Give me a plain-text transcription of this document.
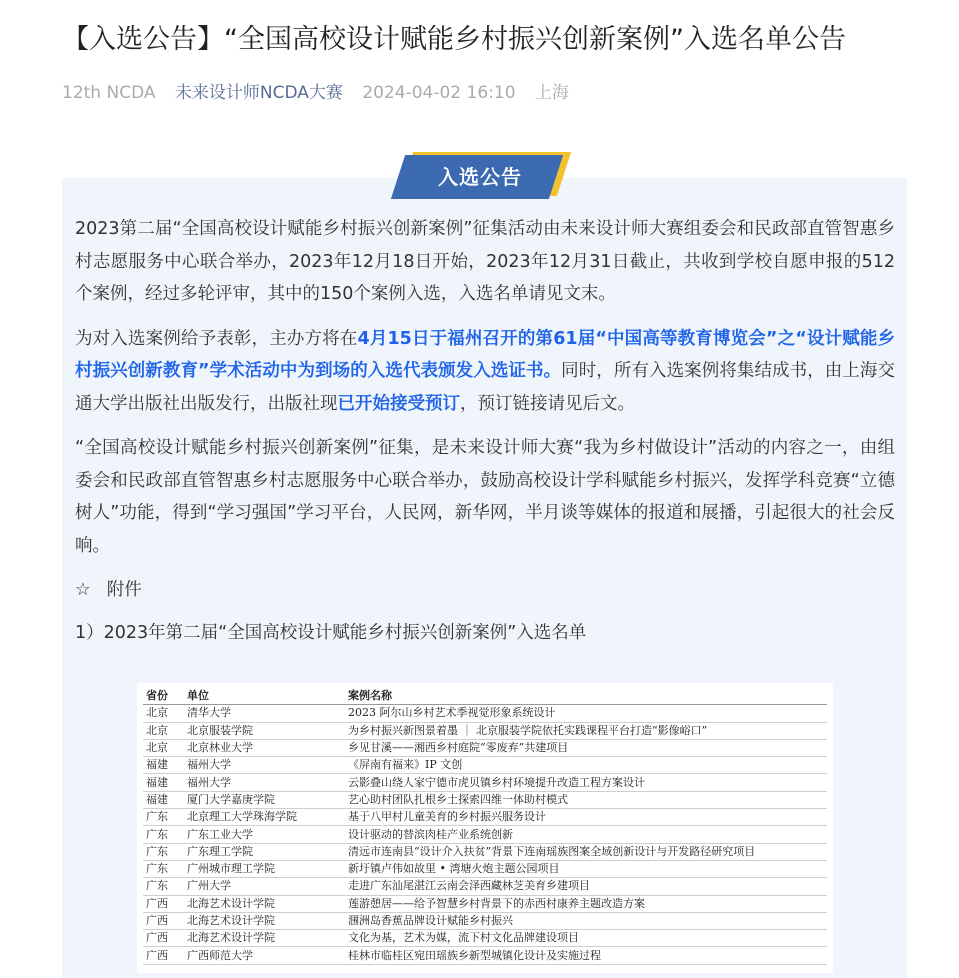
【入选公告】“全国高校设计赋能乡村振兴创新案例”入选名单公告
12th NCDA 未来设计师NCDA大赛 2024-04-02 16:10 上海
入选公告

2023第二届“全国高校设计赋能乡村振兴创新案例”征集活动由未来设计师大赛组委会和民政部直管智惠乡村志愿服务中心联合举办，2023年12月18日开始，2023年12月31日截止，共收到学校自愿申报的512个案例，经过多轮评审，其中的150个案例入选，入选名单请见文末。

为对入选案例给予表彰，主办方将在4月15日于福州召开的第61届“中国高等教育博览会”之“设计赋能乡村振兴创新教育”学术活动中为到场的入选代表颁发入选证书。同时，所有入选案例将集结成书，由上海交通大学出版社出版发行，出版社现已开始接受预订，预订链接请见后文。

“全国高校设计赋能乡村振兴创新案例”征集，是未来设计师大赛“我为乡村做设计”活动的内容之一，由组委会和民政部直管智惠乡村志愿服务中心联合举办，鼓励高校设计学科赋能乡村振兴，发挥学科竞赛“立德树人”功能，得到“学习强国”学习平台，人民网，新华网，半月谈等媒体的报道和展播，引起很大的社会反响。

☆ 附件
1）2023年第二届“全国高校设计赋能乡村振兴创新案例”入选名单
省份	单位	案例名称
北京	清华大学	2023 阿尔山乡村艺术季视觉形象系统设计
北京	北京服装学院	为乡村振兴新图景着墨 ｜ 北京服装学院依托实践课程平台打造“影像峪口”
北京	北京林业大学	乡见甘溪——湘西乡村庭院“零废弃”共建项目
福建	福州大学	《屏南有福来》IP 文创
福建	福州大学	云影叠山绕人家宁德市虎贝镇乡村环境提升改造工程方案设计
福建	厦门大学嘉庚学院	艺心助村团队扎根乡土探索四维一体助村模式
广东	北京理工大学珠海学院	基于八甲村儿童美育的乡村振兴服务设计
广东	广东工业大学	设计驱动的替滨肉桂产业系统创新
广东	广东理工学院	清远市连南县“设计介入扶贫”背景下连南瑶族图案全域创新设计与开发路径研究项目
广东	广州城市理工学院	新圩镇卢伟如故里 • 湾塘火炮主题公园项目
广东	广州大学	走进广东汕尾湛江云南会泽西藏林芝美育乡建项目
广西	北海艺术设计学院	莲游憩居——给予智慧乡村背景下的赤西村康养主题改造方案
广西	北海艺术设计学院	涠洲岛香蕉品牌设计赋能乡村振兴
广西	北海艺术设计学院	文化为基，艺术为媒，流下村文化品牌建设项目
广西	广西师范大学	桂林市临桂区宛田瑶族乡新型城镇化设计及实施过程
